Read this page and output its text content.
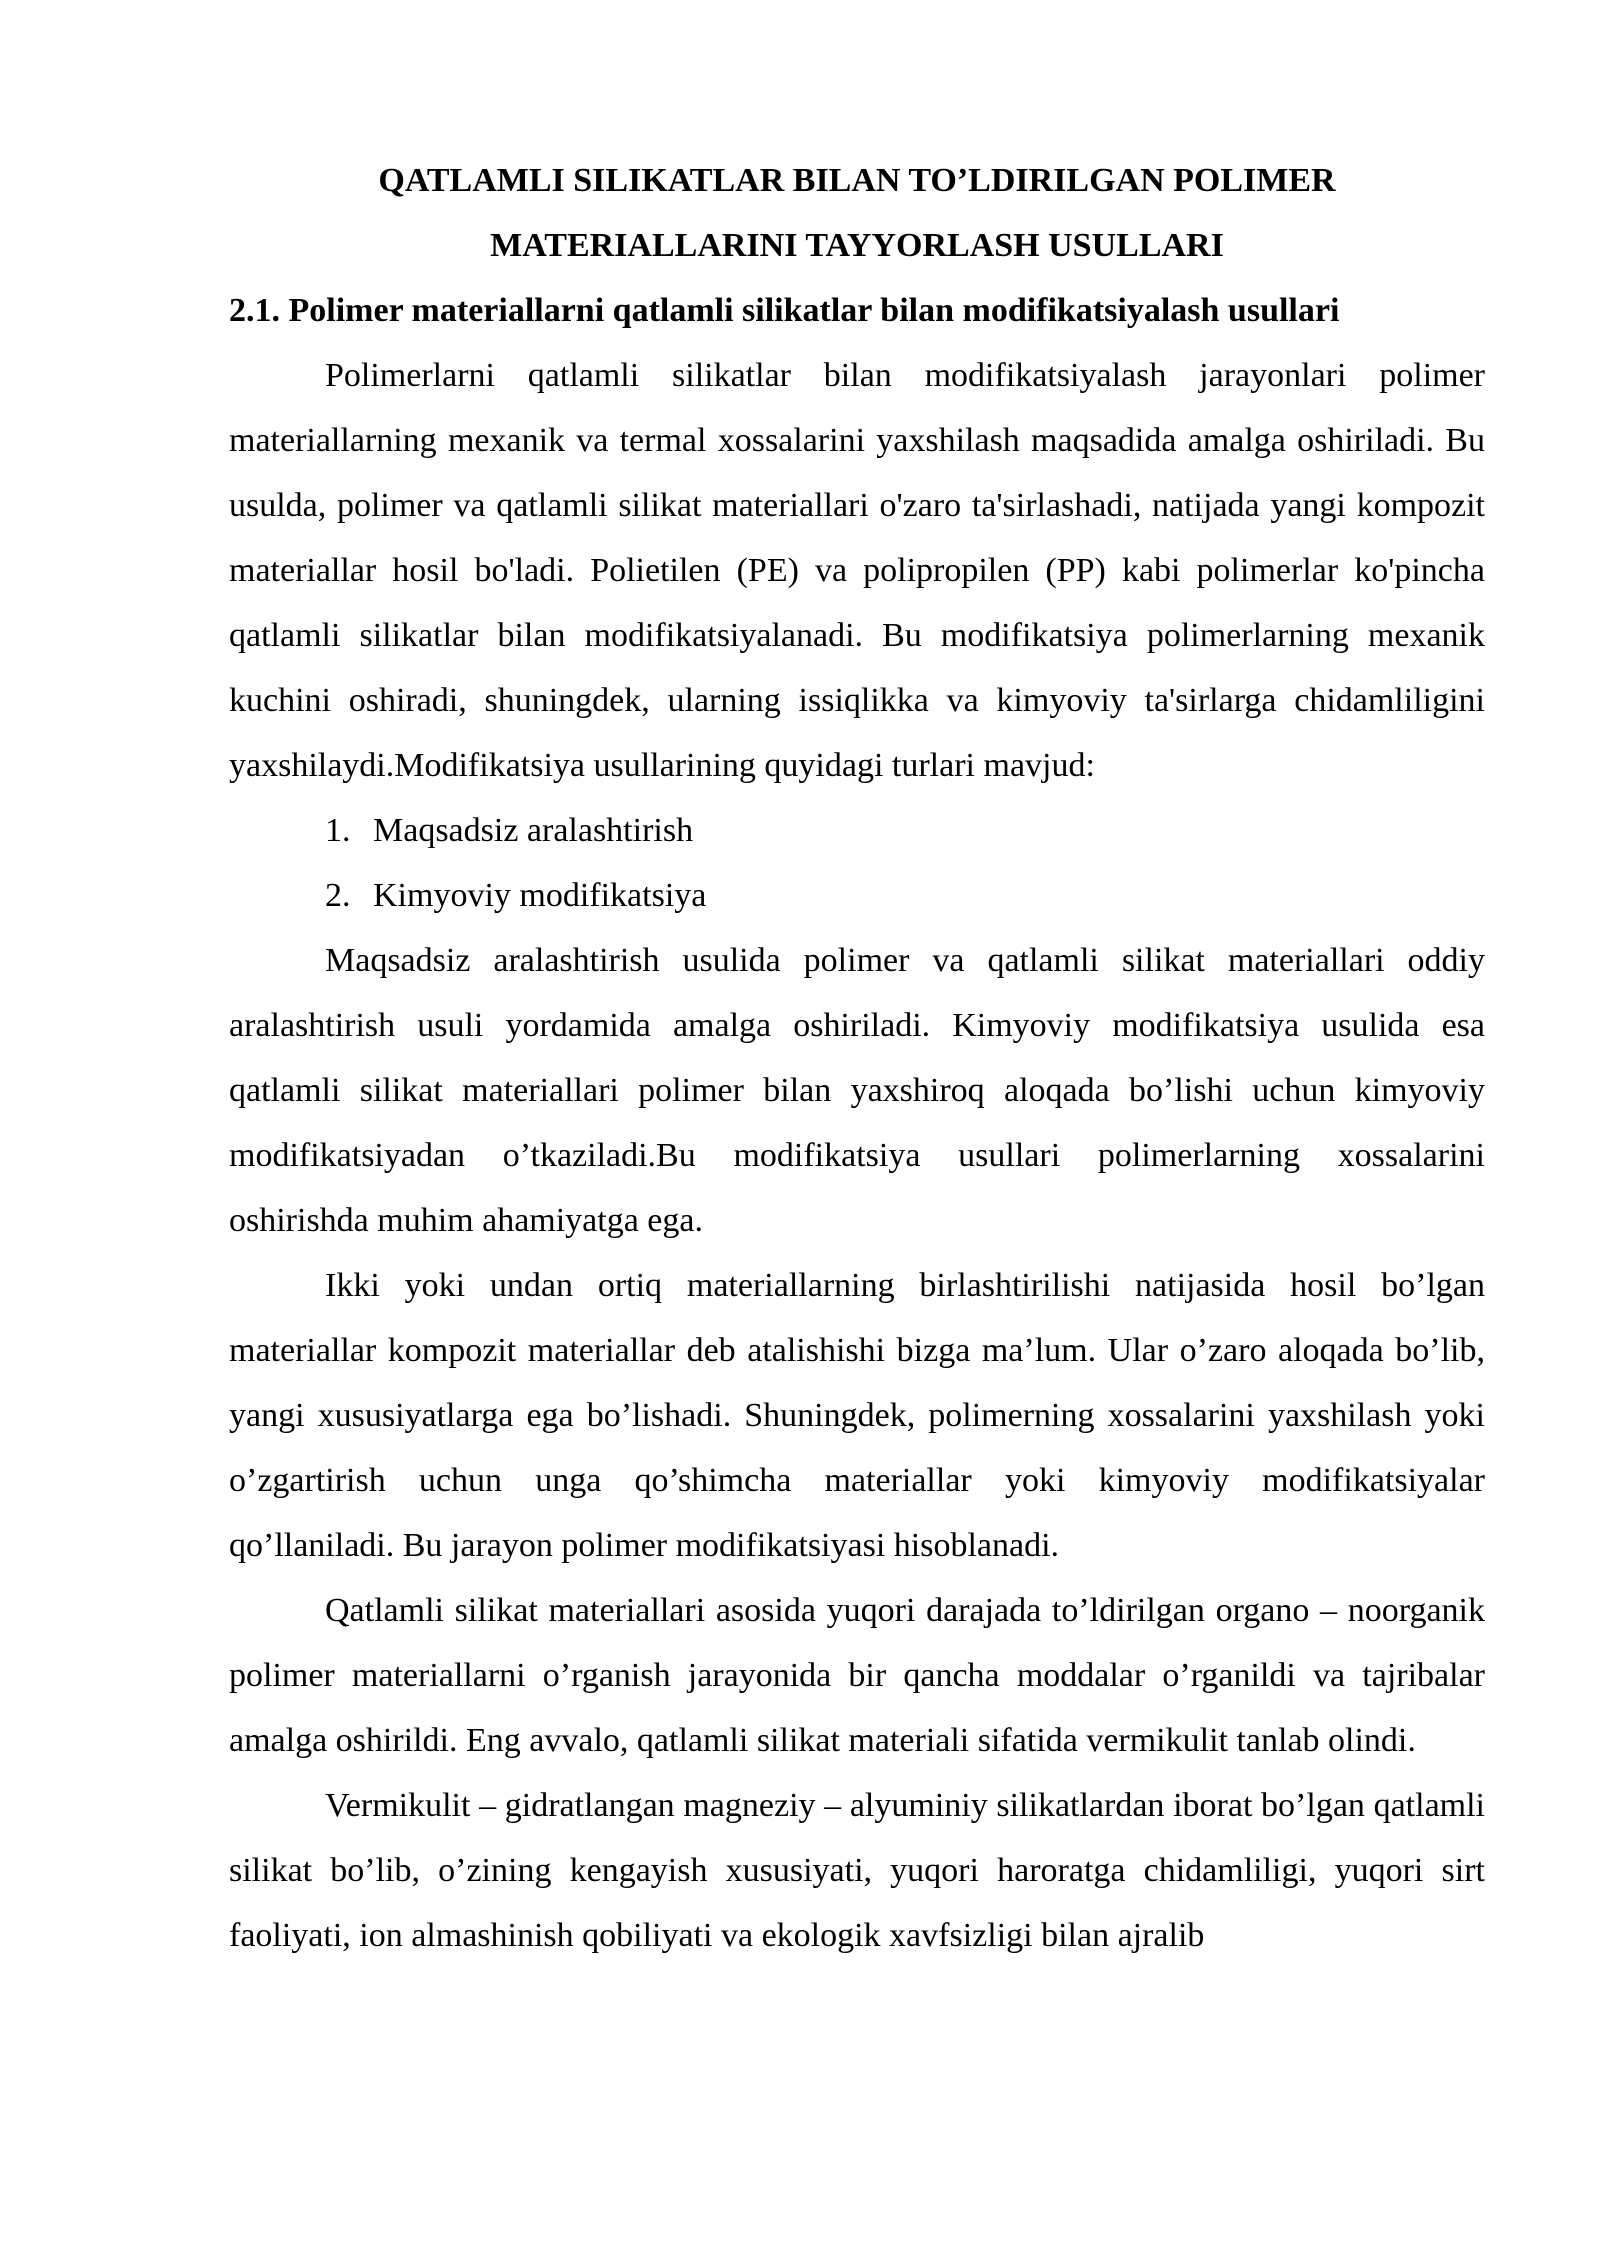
QATLAMLI SILIKATLAR BILAN TO’LDIRILGAN POLIMER
MATERIALLARINI TAYYORLASH USULLARI

2.1. Polimer materiallarni qatlamli silikatlar bilan modifikatsiyalash usullari

Polimerlarni qatlamli silikatlar bilan modifikatsiyalash jarayonlari polimer materiallarning mexanik va termal xossalarini yaxshilash maqsadida amalga oshiriladi. Bu usulda, polimer va qatlamli silikat materiallari o'zaro ta'sirlashadi, natijada yangi kompozit materiallar hosil bo'ladi. Polietilen (PE) va polipropilen (PP) kabi polimerlar ko'pincha qatlamli silikatlar bilan modifikatsiyalanadi. Bu modifikatsiya polimerlarning mexanik kuchini oshiradi, shuningdek, ularning issiqlikka va kimyoviy ta'sirlarga chidamliligini yaxshilaydi.Modifikatsiya usullarining quyidagi turlari mavjud:

1. Maqsadsiz aralashtirish
2. Kimyoviy modifikatsiya

Maqsadsiz aralashtirish usulida polimer va qatlamli silikat materiallari oddiy aralashtirish usuli yordamida amalga oshiriladi. Kimyoviy modifikatsiya usulida esa qatlamli silikat materiallari polimer bilan yaxshiroq aloqada bo’lishi uchun kimyoviy modifikatsiyadan o’tkaziladi.Bu modifikatsiya usullari polimerlarning xossalarini oshirishda muhim ahamiyatga ega.

Ikki yoki undan ortiq materiallarning birlashtirilishi natijasida hosil bo’lgan materiallar kompozit materiallar deb atalishishi bizga ma’lum. Ular o’zaro aloqada bo’lib, yangi xususiyatlarga ega bo’lishadi. Shuningdek, polimerning xossalarini yaxshilash yoki o’zgartirish uchun unga qo’shimcha materiallar yoki kimyoviy modifikatsiyalar qo’llaniladi. Bu jarayon polimer modifikatsiyasi hisoblanadi.

Qatlamli silikat materiallari asosida yuqori darajada to’ldirilgan organo – noorganik polimer materiallarni o’rganish jarayonida bir qancha moddalar o’rganildi va tajribalar amalga oshirildi. Eng avvalo, qatlamli silikat materiali sifatida vermikulit tanlab olindi.

Vermikulit – gidratlangan magneziy – alyuminiy silikatlardan iborat bo’lgan qatlamli silikat bo’lib, o’zining kengayish xususiyati, yuqori haroratga chidamliligi, yuqori sirt faoliyati, ion almashinish qobiliyati va ekologik xavfsizligi bilan ajralib
